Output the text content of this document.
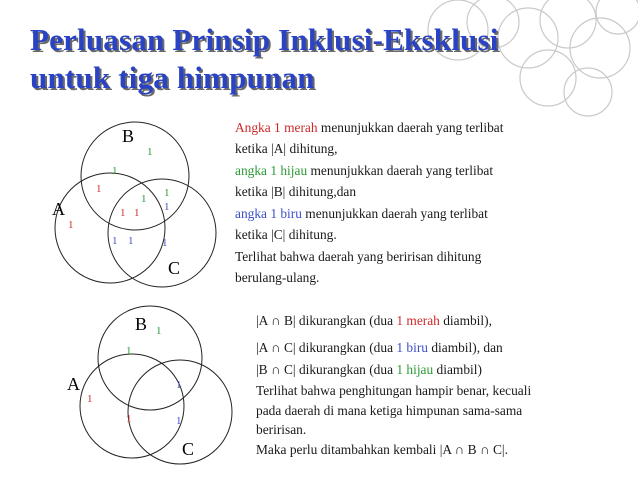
Perluasan Prinsip Inklusi-Eksklusi
untuk tiga himpunan
B
A
C
1
1
1	1
1
1 1 1
1
1 1	1
B
A
C
1
1
1
1
1	1
Angka 1 merah menunjukkan daerah yang terlibat
ketika |A| dihitung,
angka 1 hijau menunjukkan daerah yang terlibat
ketika |B| dihitung,dan
angka 1 biru menunjukkan daerah yang terlibat
ketika |C| dihitung.
Terlihat bahwa daerah yang beririsan dihitung
berulang-ulang.
|A ∩ B| dikurangkan (dua 1 merah diambil),
|A ∩ C| dikurangkan (dua 1 biru diambil), dan
|B ∩ C| dikurangkan (dua 1 hijau diambil)
Terlihat bahwa penghitungan hampir benar, kecuali
pada daerah di mana ketiga himpunan sama-sama
beririsan.
Maka perlu ditambahkan kembali |A ∩ B ∩ C|.
